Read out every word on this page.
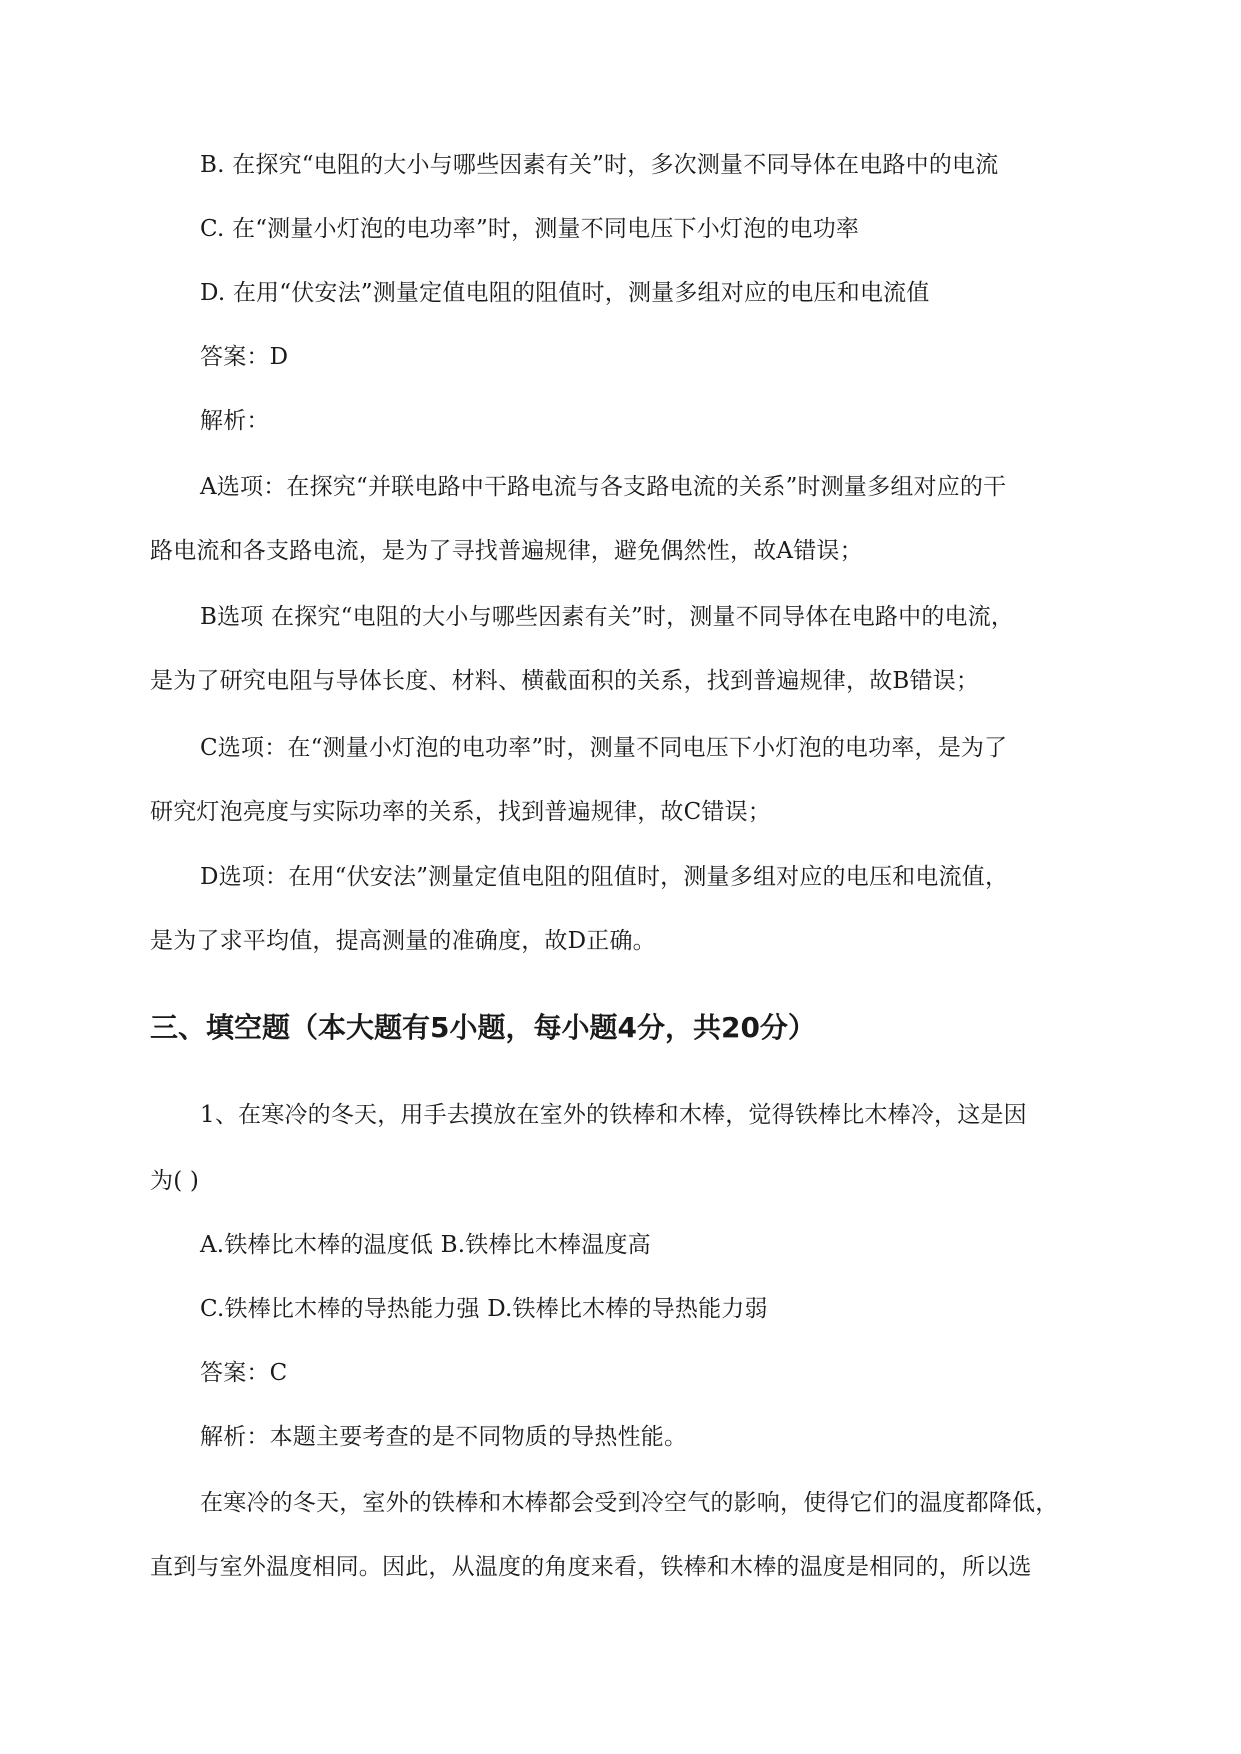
B. 在探究“电阻的大小与哪些因素有关”时，多次测量不同导体在电路中的电流
C. 在“测量小灯泡的电功率”时，测量不同电压下小灯泡的电功率
D. 在用“伏安法”测量定值电阻的阻值时，测量多组对应的电压和电流值
答案：D
解析：
A选项：在探究“并联电路中干路电流与各支路电流的关系”时测量多组对应的干
路电流和各支路电流，是为了寻找普遍规律，避免偶然性，故A错误；
B选项 在探究“电阻的大小与哪些因素有关”时，测量不同导体在电路中的电流，
是为了研究电阻与导体长度、材料、横截面积的关系，找到普遍规律，故B错误；
C选项：在“测量小灯泡的电功率”时，测量不同电压下小灯泡的电功率，是为了
研究灯泡亮度与实际功率的关系，找到普遍规律，故C错误；
D选项：在用“伏安法”测量定值电阻的阻值时，测量多组对应的电压和电流值，
是为了求平均值，提高测量的准确度，故D正确。
三、填空题（本大题有5小题，每小题4分，共20分）
1、在寒冷的冬天，用手去摸放在室外的铁棒和木棒，觉得铁棒比木棒冷，这是因
为( )
A.铁棒比木棒的温度低 B.铁棒比木棒温度高
C.铁棒比木棒的导热能力强 D.铁棒比木棒的导热能力弱
答案：C
解析：本题主要考查的是不同物质的导热性能。
在寒冷的冬天，室外的铁棒和木棒都会受到冷空气的影响，使得它们的温度都降低，
直到与室外温度相同。因此，从温度的角度来看，铁棒和木棒的温度是相同的，所以选
